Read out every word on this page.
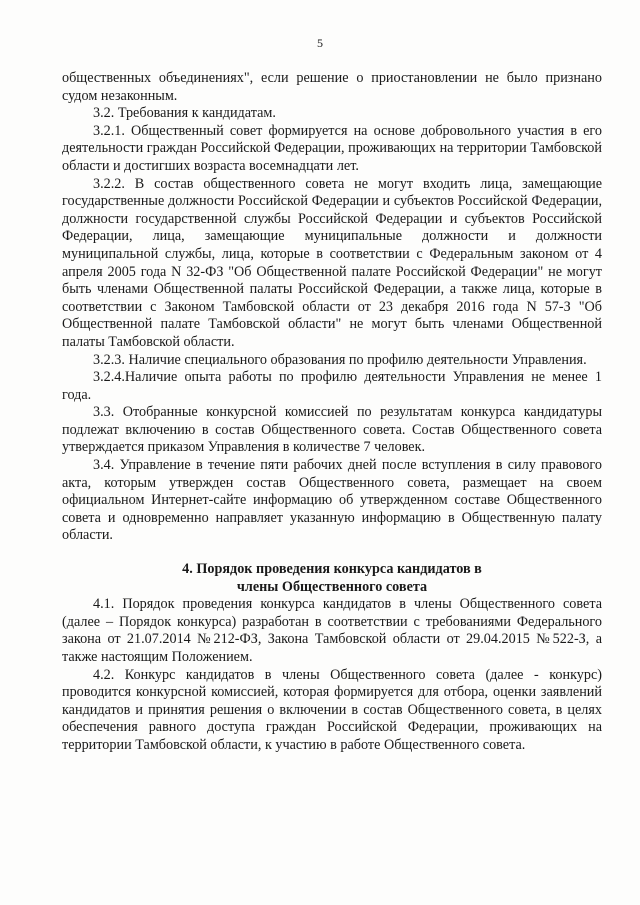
5

общественных объединениях", если решение о приостановлении не было признано судом незаконным.

3.2. Требования к кандидатам.

3.2.1. Общественный совет формируется на основе добровольного участия в его деятельности граждан Российской Федерации, проживающих на территории Тамбовской области и достигших возраста восемнадцати лет.

3.2.2. В состав общественного совета не могут входить лица, замещающие государственные должности Российской Федерации и субъектов Российской Федерации, должности государственной службы Российской Федерации и субъектов Российской Федерации, лица, замещающие муниципальные должности и должности муниципальной службы, лица, которые в соответствии с Федеральным законом от 4 апреля 2005 года N 32-ФЗ "Об Общественной палате Российской Федерации" не могут быть членами Общественной палаты Российской Федерации, а также лица, которые в соответствии с Законом Тамбовской области от 23 декабря 2016 года N 57-З "Об Общественной палате Тамбовской области" не могут быть членами Общественной палаты Тамбовской области.

3.2.3. Наличие специального образования по профилю деятельности Управления.

3.2.4.Наличие опыта работы по профилю деятельности Управления не менее 1 года.

3.3. Отобранные конкурсной комиссией по результатам конкурса кандидатуры подлежат включению в состав Общественного совета. Состав Общественного совета утверждается приказом Управления в количестве 7 человек.

3.4. Управление в течение пяти рабочих дней после вступления в силу правового акта, которым утвержден состав Общественного совета, размещает на своем официальном Интернет-сайте информацию об утвержденном составе Общественного совета и одновременно направляет указанную информацию в Общественную палату области.

4. Порядок проведения конкурса кандидатов в
члены Общественного совета

4.1. Порядок проведения конкурса кандидатов в члены Общественного совета (далее – Порядок конкурса) разработан в соответствии с требованиями Федерального закона от 21.07.2014 №212-ФЗ, Закона Тамбовской области от 29.04.2015 №522-З, а также настоящим Положением.

4.2. Конкурс кандидатов в члены Общественного совета (далее - конкурс) проводится конкурсной комиссией, которая формируется для отбора, оценки заявлений кандидатов и принятия решения о включении в состав Общественного совета, в целях обеспечения равного доступа граждан Российской Федерации, проживающих на территории Тамбовской области, к участию в работе Общественного совета.
